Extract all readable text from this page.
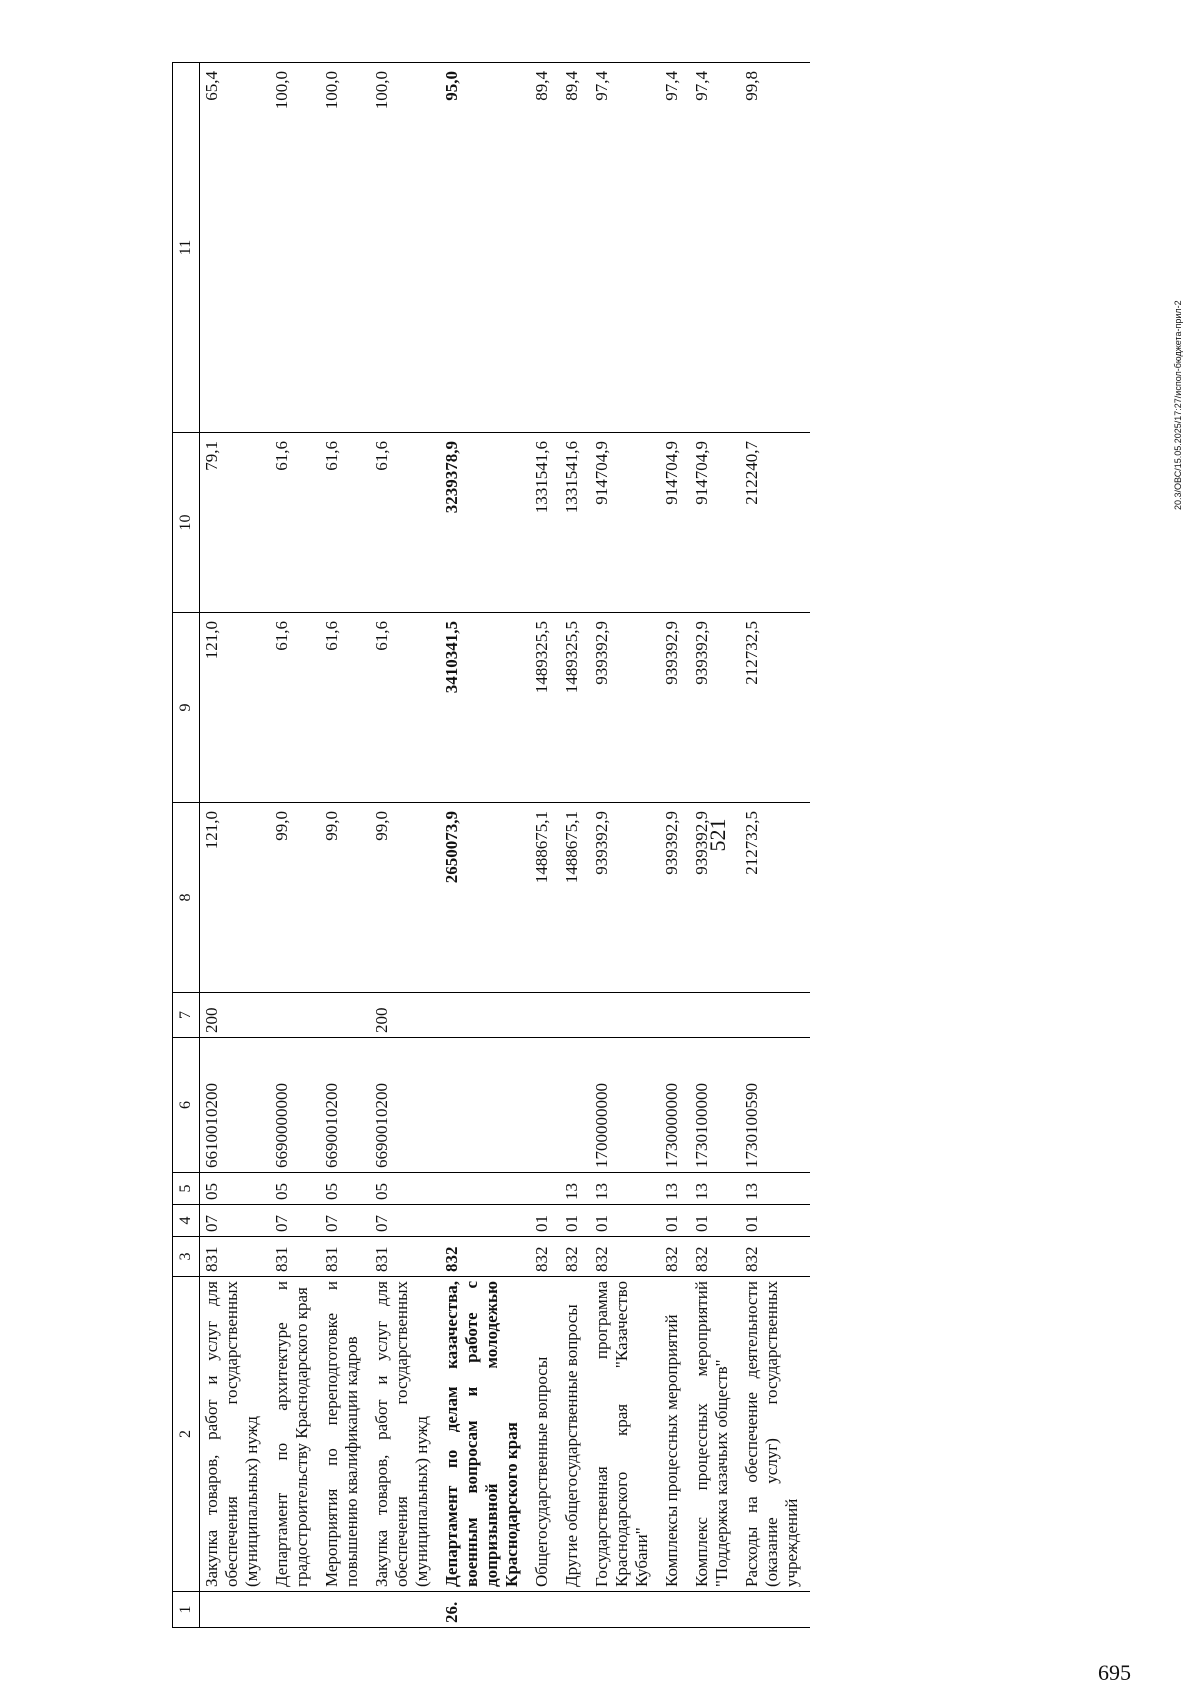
521
695
20.3/ОВС/15.05.2025/17:27/испол-бюджета-прил-2
1	2	3	4	5	6	7	8	9	10	11
	Закупка товаров, работ и услуг для обеспечения государственных (муниципальных) нужд	831	07	05	6610010200	200	121,0	121,0	79,1	65,4
	Департамент по архитектуре и градостроительству Краснодарского края	831	07	05	6690000000		99,0	61,6	61,6	100,0
	Мероприятия по переподготовке и повышению квалификации кадров	831	07	05	6690010200		99,0	61,6	61,6	100,0
	Закупка товаров, работ и услуг для обеспечения государственных (муниципальных) нужд	831	07	05	6690010200	200	99,0	61,6	61,6	100,0
26.	Департамент по делам казачества, военным вопросам и работе с допризывной молодежью Краснодарского края	832					2650073,9	3410341,5	3239378,9	95,0
	Общегосударственные вопросы	832	01				1488675,1	1489325,5	1331541,6	89,4
	Другие общегосударственные вопросы	832	01	13			1488675,1	1489325,5	1331541,6	89,4
	Государственная программа Краснодарского края "Казачество Кубани"	832	01	13	1700000000		939392,9	939392,9	914704,9	97,4
	Комплексы процессных мероприятий	832	01	13	1730000000		939392,9	939392,9	914704,9	97,4
	Комплекс процессных мероприятий "Поддержка казачьих обществ"	832	01	13	1730100000		939392,9	939392,9	914704,9	97,4
	Расходы на обеспечение деятельности (оказание услуг) государственных учреждений	832	01	13	1730100590		212732,5	212732,5	212240,7	99,8
